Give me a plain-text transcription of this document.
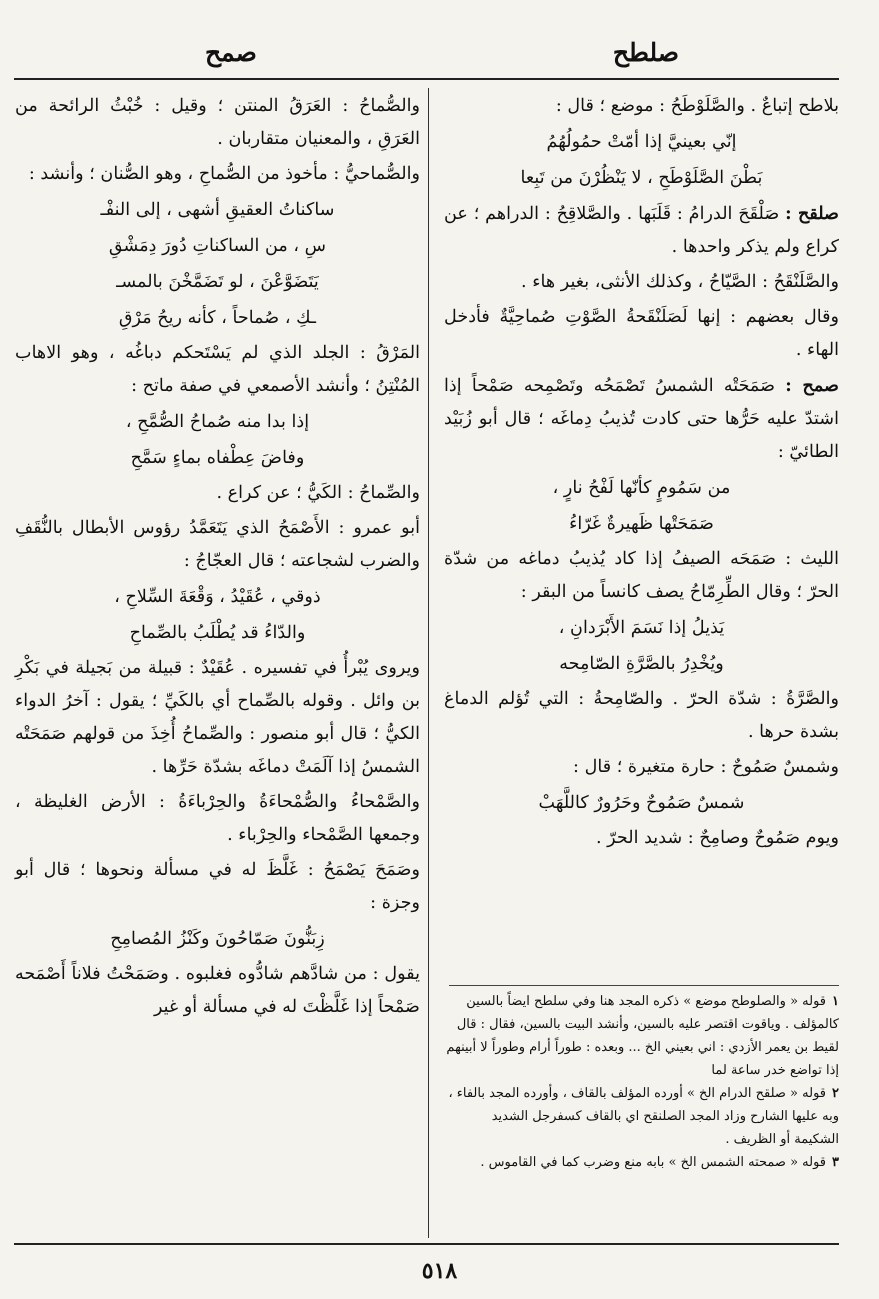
صلطح
صمح

بلاطح إتباعٌ . والصَّلَوْطَحُ : موضع ؛ قال :

إنّي بعينيَّ إذا أمّتْ حمُولُهُمُ

بَطْنَ الصَّلَوْطَحِ ، لا يَنْظُرْنَ من تَبِعا

صلقح : صَلْقَحَ الدرامُ : قَلَبَها . والصَّلاقِحُ : الدراهم ؛ عن كراع ولم يذكر واحدها .

والصَّلَنْقَحُ : الصَّيّاحُ ، وكذلك الأنثى، بغير هاء .

وقال بعضهم : إنها لَصَلَنْقَحةُ الصَّوْتِ صُماحِيَّةٌ فأدخل الهاء .

صمح : صَمَحَتْه الشمسُ تَصْمَحُه وتَصْمِحه صَمْحاً إذا اشتدّ عليه حَرُّها حتى كادت تُذيبُ دِماغَه ؛ قال أبو زُبَيْد الطائيّ :

من سَمُومٍ كأنّها لَفْحُ نارٍ ،

صَمَحَتْها ظَهيرةٌ غَرّاءُ

الليث : صَمَحَه الصيفُ إذا كاد يُذيبُ دماغه من شدّة الحرّ ؛ وقال الطِّرِمّاحُ يصف كانساً من البقر :

يَذيلُ إذا نَسَمَ الأَبْرَدانِ ،

ويُخْدِرُ بالصَّرَّةِ الصّامِحه

والصَّرَّةُ : شدّة الحرّ . والصّامِحةُ : التي تُؤلم الدماغ بشدة حرها .

وشمسٌ صَمُوحٌ : حارة متغيرة ؛ قال :

شمسٌ صَمُوحٌ وحَرُورٌ كاللَّهَبْ

ويوم صَمُوحٌ وصامِحٌ : شديد الحرّ .

والصُّماحُ : العَرَقُ المنتن ؛ وقيل : خُبْثُ الرائحة من العَرَقِ ، والمعنيان متقاربان .

والصُّماحيُّ : مأخوذ من الصُّماحِ ، وهو الصُّنان ؛ وأنشد :

ساكناتُ العقيقِ أشهى ، إلى النفْـ

سِ ، من الساكناتِ دُورَ دِمَشْقِ

يَتَضَوَّعْنَ ، لو تَضَمَّخْنَ بالمسـ

ـكِ ، صُماحاً ، كأنه ريحُ مَرْقِ

المَرْقُ : الجلد الذي لم يَسْتَحكم دباغُه ، وهو الاهاب المُنْتِنُ ؛ وأنشد الأصمعي في صفة ماتح :

إذا بدا منه صُماحُ الصُّمَّحِ ،

وفاضَ عِطْفاه بماءٍ سَمَّحِ

والصِّماحُ : الكَيُّ ؛ عن كراع .

أبو عمرو : الأَصْمَحُ الذي يَتَعَمَّدُ رؤوس الأبطال بالنُّقَفِ والضرب لشجاعته ؛ قال العجّاجُ :

ذوقي ، عُقَيْدُ ، وَقْعَةَ السِّلاحِ ،

والدّاءُ قد يُطْلَبُ بالصِّماحِ

ويروى يُبْرأُ في تفسيره . عُقَيْدٌ : قبيلة من بَجيلة في بَكْرِ بن وائل . وقوله بالصِّماح أي بالكَيِّ ؛ يقول : آخرُ الدواء الكيُّ ؛ قال أبو منصور : والصِّماحُ أُخِذَ من قولهم صَمَحَتْه الشمسُ إذا آلَمَتْ دماغَه بشدّة حَرِّها .

والصَّمْحاءُ والصُّمْحاءَةُ والحِرْباءَةُ : الأرض الغليظة ، وجمعها الصَّمْحاء والحِرْباء .

وصَمَحَ يَصْمَحُ : غَلَّظَ له في مسألة ونحوها ؛ قال أبو وجزة :

زِبَنُّونَ صَمّاحُونَ وكَنْزُ المُصامِحِ

يقول : من شادَّهم شادُّوه فغلبوه . وصَمَحْتُ فلاناً أَصْمَحه صَمْحاً إذا غَلَّظْتَ له في مسألة أو غير	١قوله « والصلوطح موضع » ذكره المجد هنا وفي سلطح ايضاً بالسين كالمؤلف . وياقوت اقتصر عليه بالسين، وأنشد البيت بالسين، فقال : قال لقيط بن يعمر الأزدي : اني بعيني الخ ... وبعده : طوراً أرام وطوراً لا أبينهم إذا تواضع خدر ساعة لما

٢قوله « صلقح الدرام الخ » أورده المؤلف بالقاف ، وأورده المجد بالفاء ، وبه عليها الشارح وزاد المجد الصلنقح اي بالقاف كسفرجل الشديد الشكيمة أو الظريف .

٣قوله « صمحته الشمس الخ » بابه منع وضرب كما في القاموس .

٥١٨
